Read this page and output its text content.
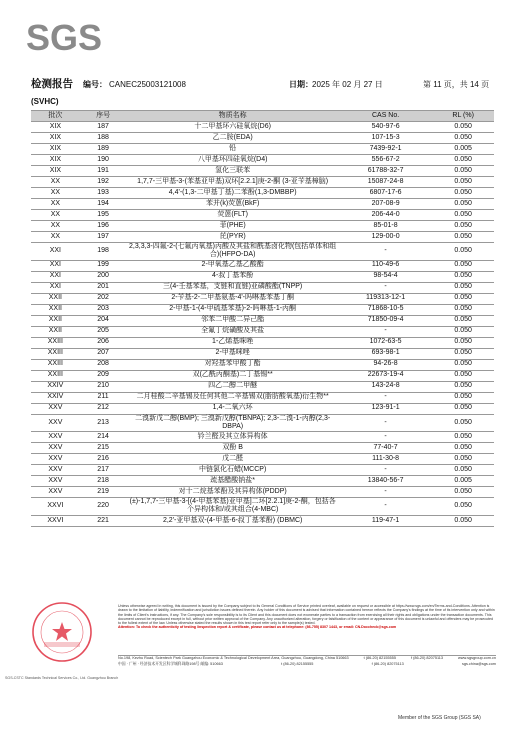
SGS
检测报告 编号： CANEC25003121008	日期： 2025 年 02 月 27 日	第 11 页，共 14 页
(SVHC)
批次	序号	物质名称	CAS No.	RL (%)
XIX	187	十二甲基环六硅氧烷(D6)	540-97-6	0.050
XIX	188	乙二胺(EDA)	107-15-3	0.050
XIX	189	铅	7439-92-1	0.005
XIX	190	八甲基环四硅氧烷(D4)	556-67-2	0.050
XIX	191	氢化三联苯	61788-32-7	0.050
XX	192	1,7,7-三甲基-3-(苯基亚甲基)双环[2.2.1]庚-2-酮 (3-亚苄基樟脑)	15087-24-8	0.050
XX	193	4,4'-(1,3-二甲基丁基)二苯酚(1,3-DMBBP)	6807-17-6	0.050
XX	194	苯并(k)荧蒽(BkF)	207-08-9	0.050
XX	195	荧蒽(FLT)	206-44-0	0.050
XX	196	菲(PHE)	85-01-8	0.050
XX	197	芘(PYR)	129-00-0	0.050
XXI	198	2,3,3,3-四氟-2-(七氟丙氧基)丙酸及其盐和酰基卤化物(包括单体和组合)(HFPO-DA)	-	0.050
XXI	199	2-甲氧基乙基乙酸酯	110-49-6	0.050
XXI	200	4-叔丁基苯酚	98-54-4	0.050
XXI	201	三(4-壬基苯基，支链和直链)亚磷酸酯(TNPP)	-	0.050
XXII	202	2-苄基-2-二甲基氨基-4'-吗啉基苯基丁酮	119313-12-1	0.050
XXII	203	2-甲基-1-(4-甲硫基苯基)-2-吗啉基-1-丙酮	71868-10-5	0.050
XXII	204	邻苯二甲酸二异己酯	71850-09-4	0.050
XXII	205	全氟丁烷磺酸及其盐	-	0.050
XXIII	206	1-乙烯基咪唑	1072-63-5	0.050
XXIII	207	2-甲基咪唑	693-98-1	0.050
XXIII	208	对羟基苯甲酸丁酯	94-26-8	0.050
XXIII	209	双(乙酰丙酮基)二丁基锡**	22673-19-4	0.050
XXIV	210	四乙二醇二甲醚	143-24-8	0.050
XXIV	211	二月桂酸二辛基锡及任何其他二辛基锡双(脂肪酸氧基)衍生物**	-	0.050
XXV	212	1,4-二氧六环	123-91-1	0.050
XXV	213	二溴新戊二醇(BMP); 三溴新戊醇(TBNPA); 2,3-二溴-1-丙醇(2,3-DBPA)	-	0.050
XXV	214	钤兰醛及其立体异构体	-	0.050
XXV	215	双酚 B	77-40-7	0.050
XXV	216	戊二醛	111-30-8	0.050
XXV	217	中链氯化石蜡(MCCP)	-	0.050
XXV	218	巯基醋酸钠盐*	13840-56-7	0.005
XXV	219	对十二烷基苯酚及其异构体(PDDP)	-	0.050
XXVI	220	(±)-1,7,7-三甲基-3-[(4-甲基苯基)亚甲基]二环[2.2.1]庚-2-酮，包括各个异构体和/或其组合(4-MBC)	-	0.050
XXVI	221	2,2'-亚甲基双-(4-甲基-6-叔丁基苯酚) (DBMC)	119-47-1	0.050
Unless otherwise agreed in writing, this document is issued by the Company subject to its General Conditions of Service printed overleaf, available on request or accessible at https://www.sgs.com/en/Terms-and-Conditions. Attention is drawn to the limitation of liability, indemnification and jurisdiction issues defined therein. Any holder of this document is advised that information contained hereon reflects the Company's findings at the time of its intervention only and within the limits of Client's instructions, if any. The Company's sole responsibility is to its Client and this document does not exonerate parties to a transaction from exercising all their rights and obligations under the transaction documents. This document cannot be reproduced except in full, without prior written approval of the Company. Any unauthorized alteration, forgery or falsification of the content or appearance of this document is unlawful and offenders may be prosecuted to the fullest extent of the law. Unless otherwise stated the results shown in this test report refer only to the sample(s) tested.
Attention: To check the authenticity of testing /inspection report & certificate, please contact us at telephone: (86-755) 8307 1443, or email: CN.Doccheck@sgs.com
SGS-CSTC Standards Technical Services Co., Ltd. Guangzhou Branch
No.198, Kezhu Road, Scientech Park Guangzhou Economic & Technological Development Area, Guangzhou, Guangdong, China 510663	t (86-20) 82155555	f (86-20) 82075113	www.sgsgroup.com.cn
中国 · 广州 · 经济技术开发区科学城科珠路198号 邮编: 510663	t (86-20) 82155555	f (86-20) 82075113	sgs.china@sgs.com
Member of the SGS Group (SGS SA)
